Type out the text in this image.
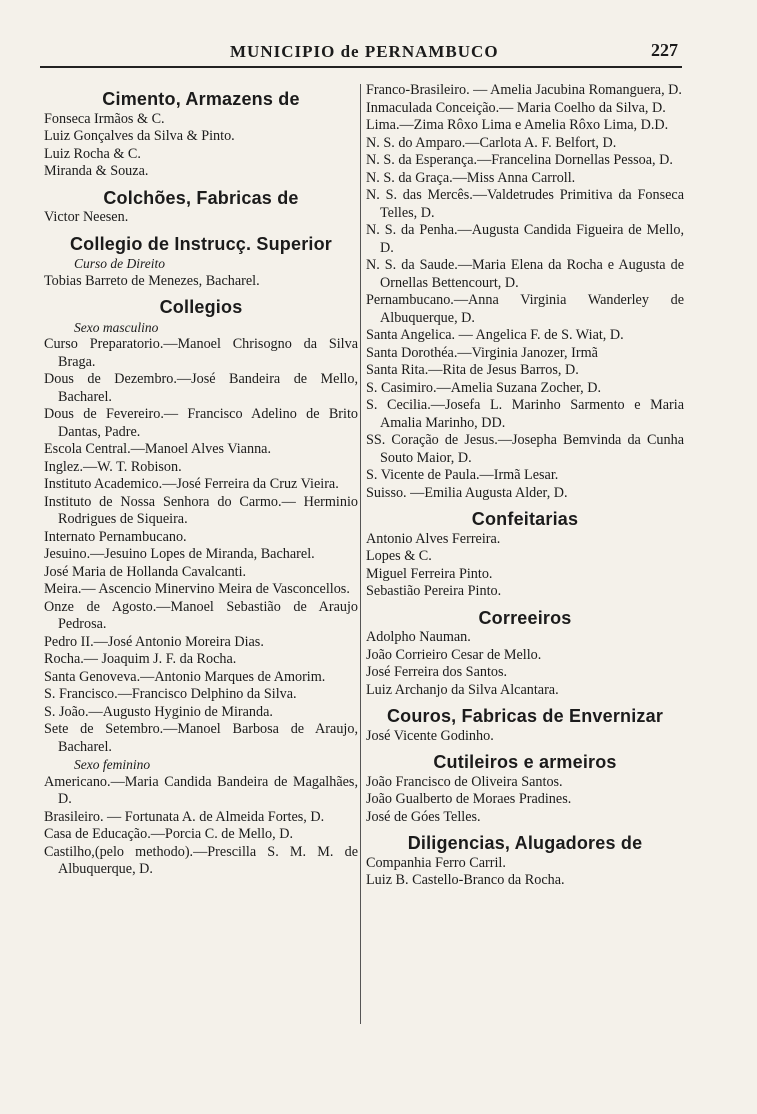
MUNICIPIO de PERNAMBUCO	227
Cimento, Armazens de
Fonseca Irmãos & C.
Luiz Gonçalves da Silva & Pinto.
Luiz Rocha & C.
Miranda & Souza.
Colchões, Fabricas de
Victor Neesen.
Collegio de Instrucç. Superior
Curso de Direito
Tobias Barreto de Menezes, Bacharel.
Collegios
Sexo masculino
Curso Preparatorio.—Manoel Chrisogno da Silva Braga.
Dous de Dezembro.—José Bandeira de Mello, Bacharel.
Dous de Fevereiro.— Francisco Adelino de Brito Dantas, Padre.
Escola Central.—Manoel Alves Vianna.
Inglez.—W. T. Robison.
Instituto Academico.—José Ferreira da Cruz Vieira.
Instituto de Nossa Senhora do Carmo.— Herminio Rodrigues de Siqueira.
Internato Pernambucano.
Jesuino.—Jesuino Lopes de Miranda, Bacharel.
José Maria de Hollanda Cavalcanti.
Meira.— Ascencio Minervino Meira de Vasconcellos.
Onze de Agosto.—Manoel Sebastião de Araujo Pedrosa.
Pedro II.—José Antonio Moreira Dias.
Rocha.— Joaquim J. F. da Rocha.
Santa Genoveva.—Antonio Marques de Amorim.
S. Francisco.—Francisco Delphino da Silva.
S. João.—Augusto Hyginio de Miranda.
Sete de Setembro.—Manoel Barbosa de Araujo, Bacharel.
Sexo feminino
Americano.—Maria Candida Bandeira de Magalhães, D.
Brasileiro. — Fortunata A. de Almeida Fortes, D.
Casa de Educação.—Porcia C. de Mello, D.
Castilho,(pelo methodo).—Prescilla S. M. M. de Albuquerque, D.
Franco-Brasileiro. — Amelia Jacubina Romanguera, D.
Inmaculada Conceição.— Maria Coelho da Silva, D.
Lima.—Zima Rôxo Lima e Amelia Rôxo Lima, D.D.
N. S. do Amparo.—Carlota A. F. Belfort, D.
N. S. da Esperança.—Francelina Dornellas Pessoa, D.
N. S. da Graça.—Miss Anna Carroll.
N. S. das Mercês.—Valdetrudes Primitiva da Fonseca Telles, D.
N. S. da Penha.—Augusta Candida Figueira de Mello, D.
N. S. da Saude.—Maria Elena da Rocha e Augusta de Ornellas Bettencourt, D.
Pernambucano.—Anna Virginia Wanderley de Albuquerque, D.
Santa Angelica. — Angelica F. de S. Wiat, D.
Santa Dorothéa.—Virginia Janozer, Irmã
Santa Rita.—Rita de Jesus Barros, D.
S. Casimiro.—Amelia Suzana Zocher, D.
S. Cecilia.—Josefa L. Marinho Sarmento e Maria Amalia Marinho, DD.
SS. Coração de Jesus.—Josepha Bemvinda da Cunha Souto Maior, D.
S. Vicente de Paula.—Irmã Lesar.
Suisso. —Emilia Augusta Alder, D.
Confeitarias
Antonio Alves Ferreira.
Lopes & C.
Miguel Ferreira Pinto.
Sebastião Pereira Pinto.
Correeiros
Adolpho Nauman.
João Corrieiro Cesar de Mello.
José Ferreira dos Santos.
Luiz Archanjo da Silva Alcantara.
Couros, Fabricas de Envernizar
José Vicente Godinho.
Cutileiros e armeiros
João Francisco de Oliveira Santos.
João Gualberto de Moraes Pradines.
José de Góes Telles.
Diligencias, Alugadores de
Companhia Ferro Carril.
Luiz B. Castello-Branco da Rocha.
